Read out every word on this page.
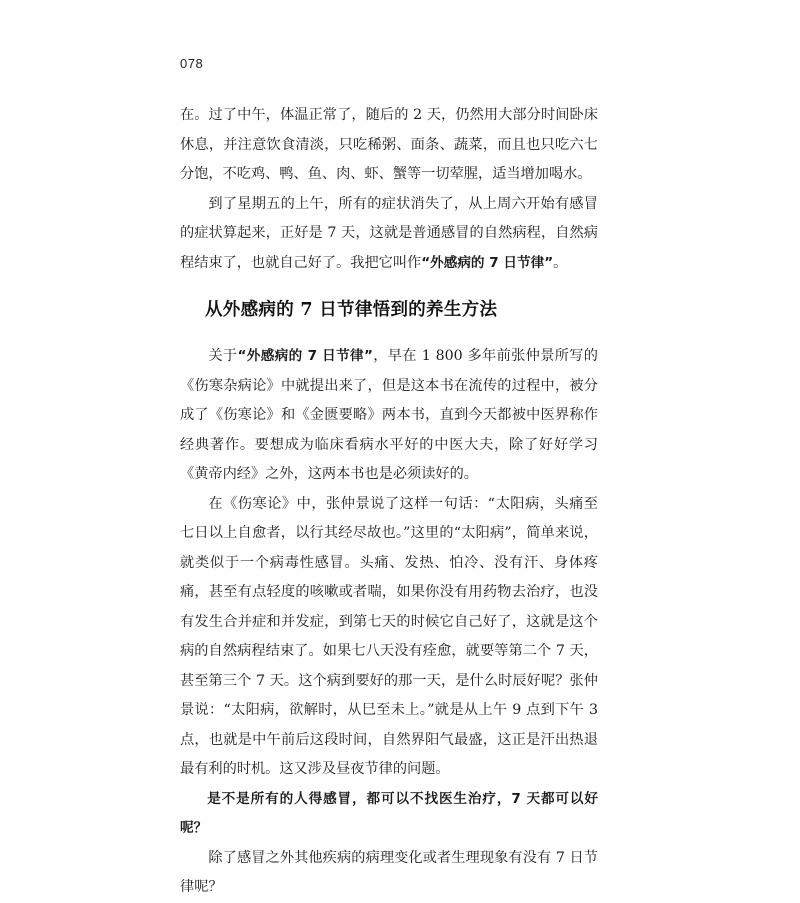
078

在。过了中午，体温正常了，随后的 2 天，仍然用大部分时间卧床休息，并注意饮食清淡，只吃稀粥、面条、蔬菜，而且也只吃六七分饱，不吃鸡、鸭、鱼、肉、虾、蟹等一切荤腥，适当增加喝水。

到了星期五的上午，所有的症状消失了，从上周六开始有感冒的症状算起来，正好是 7 天，这就是普通感冒的自然病程，自然病程结束了，也就自己好了。我把它叫作“外感病的 7 日节律”。

从外感病的 7 日节律悟到的养生方法

关于“外感病的 7 日节律”，早在 1 800 多年前张仲景所写的《伤寒杂病论》中就提出来了，但是这本书在流传的过程中，被分成了《伤寒论》和《金匮要略》两本书，直到今天都被中医界称作经典著作。要想成为临床看病水平好的中医大夫，除了好好学习《黄帝内经》之外，这两本书也是必须读好的。

在《伤寒论》中，张仲景说了这样一句话：“太阳病，头痛至七日以上自愈者，以行其经尽故也。”这里的“太阳病”，简单来说，就类似于一个病毒性感冒。头痛、发热、怕冷、没有汗、身体疼痛，甚至有点轻度的咳嗽或者喘，如果你没有用药物去治疗，也没有发生合并症和并发症，到第七天的时候它自己好了，这就是这个病的自然病程结束了。如果七八天没有痊愈，就要等第二个 7 天，甚至第三个 7 天。这个病到要好的那一天，是什么时辰好呢？张仲景说：“太阳病，欲解时，从巳至未上。”就是从上午 9 点到下午 3 点，也就是中午前后这段时间，自然界阳气最盛，这正是汗出热退最有利的时机。这又涉及昼夜节律的问题。

是不是所有的人得感冒，都可以不找医生治疗，7 天都可以好呢？

除了感冒之外其他疾病的病理变化或者生理现象有没有 7 日节律呢？
